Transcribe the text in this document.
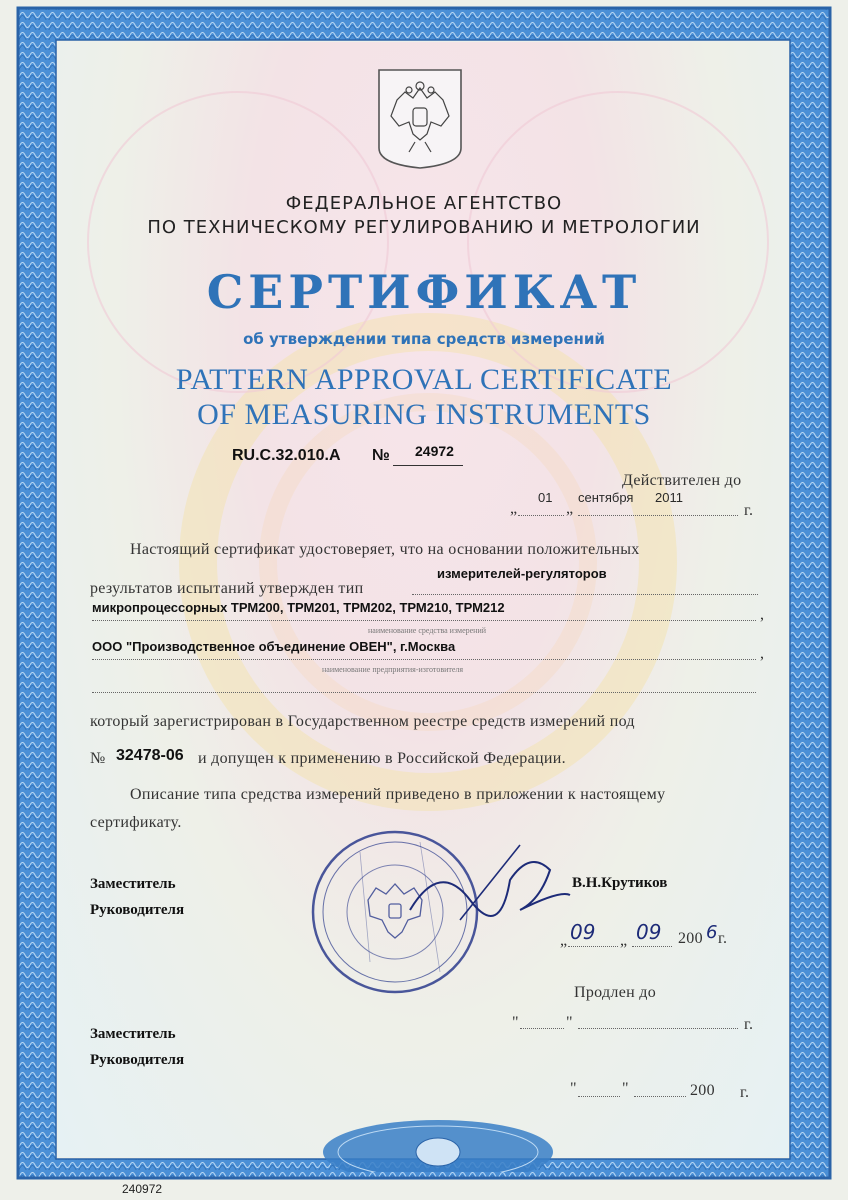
ФЕДЕРАЛЬНОЕ АГЕНТСТВО
ПО ТЕХНИЧЕСКОМУ РЕГУЛИРОВАНИЮ И МЕТРОЛОГИИ
СЕРТИФИКАТ
об утверждении типа средств измерений
PATTERN APPROVAL CERTIFICATE
OF MEASURING INSTRUMENTS
RU.C.32.010.A № 24972
Действителен до
„
01
„
сентября 2011
г.
Настоящий сертификат удостоверяет, что на основании положительных
результатов испытаний утвержден тип
измерителей-регуляторов
микропроцессорных ТРМ200, ТРМ201, ТРМ202, ТРМ210, ТРМ212	,
наименование средства измерений
ООО "Производственное объединение ОВЕН", г.Москва	,
наименование предприятия-изготовителя
который зарегистрирован в Государственном реестре средств измерений под
№ 32478-06 и допущен к применению в Российской Федерации.
Описание типа средства измерений приведено в приложении к настоящему
сертификату.
Заместитель
Руководителя
В.Н.Крутиков
„ 09 „ 09 200 6 г.
Продлен до
"	"	г.
Заместитель
Руководителя
"	"	200 г.
240972
